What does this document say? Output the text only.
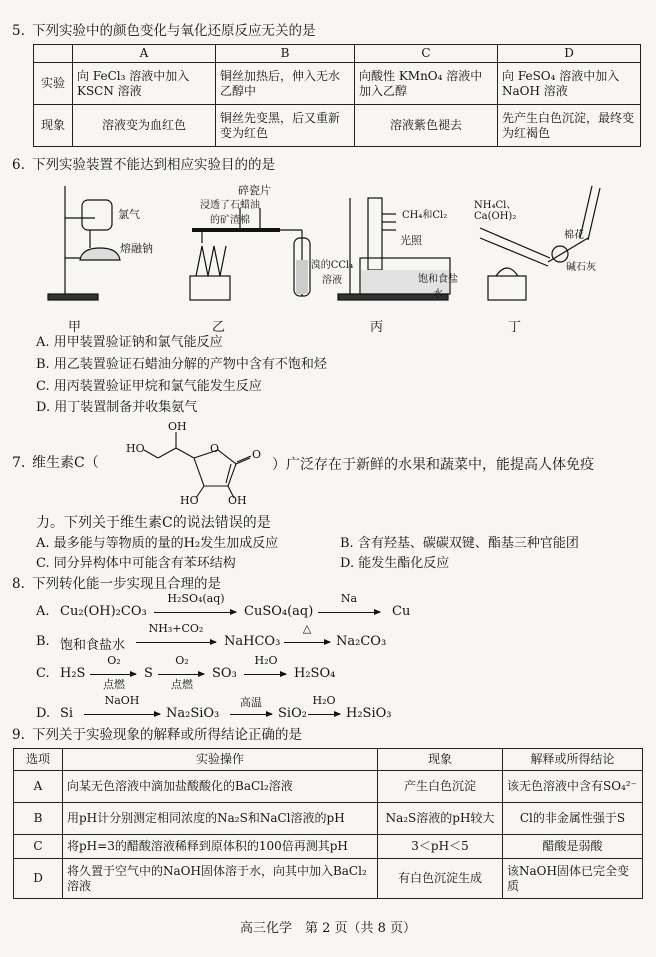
5. 下列实验中的颜色变化与氧化还原反应无关的是
	A	B	C	D
实验	向 FeCl₃ 溶液中加入 KSCN 溶液	铜丝加热后，伸入无水乙醇中	向酸性 KMnO₄ 溶液中加入乙醇	向 FeSO₄ 溶液中加入 NaOH 溶液
现象	溶液变为血红色	铜丝先变黑，后又重新变为红色	溶液紫色褪去	先产生白色沉淀，最终变为红褐色
6. 下列实验装置不能达到相应实验目的的是
氯气
熔融钠
浸透了石蜡油的矿渣棉
碎瓷片
溴的CCl₄溶液
CH₄和Cl₂
光照
饱和食盐水
NH₄Cl、Ca(OH)₂
棉花
碱石灰
甲	乙	丙	丁
A. 用甲装置验证钠和氯气能反应
B. 用乙装置验证石蜡油分解的产物中含有不饱和烃
C. 用丙装置验证甲烷和氯气能发生反应
D. 用丁装置制备并收集氨气
7. 维生素C（	）广泛存在于新鲜的水果和蔬菜中，能提高人体免疫
OH
HO	O	O
HO	OH
力。下列关于维生素C的说法错误的是
A. 最多能与等物质的量的H₂发生加成反应	B. 含有羟基、碳碳双键、酯基三种官能团
C. 同分异构体中可能含有苯环结构	D. 能发生酯化反应
8. 下列转化能一步实现且合理的是
A. Cu₂(OH)₂CO₃
H₂SO₄(aq)
CuSO₄(aq)
Na
Cu
B. 饱和食盐水
NH₃+CO₂
NaHCO₃
△
→ Na₂CO₃
C. H₂S
O₂
点燃
S
O₂
点燃
SO₃
H₂O
→ H₂SO₄
D. Si
NaOH
Na₂SiO₃
高温
→ SiO₂
H₂O
→ H₂SiO₃
9. 下列关于实验现象的解释或所得结论正确的是
选项	实验操作	现象	解释或所得结论
A	向某无色溶液中滴加盐酸酸化的BaCl₂溶液	产生白色沉淀	该无色溶液中含有SO₄²⁻
B	用pH计分别测定相同浓度的Na₂S和NaCl溶液的pH	Na₂S溶液的pH较大	Cl的非金属性强于S
C	将pH=3的醋酸溶液稀释到原体积的100倍再测其pH	3＜pH＜5	醋酸是弱酸
D	将久置于空气中的NaOH固体溶于水，向其中加入BaCl₂溶液	有白色沉淀生成	该NaOH固体已完全变质
高三化学　第 2 页（共 8 页）
